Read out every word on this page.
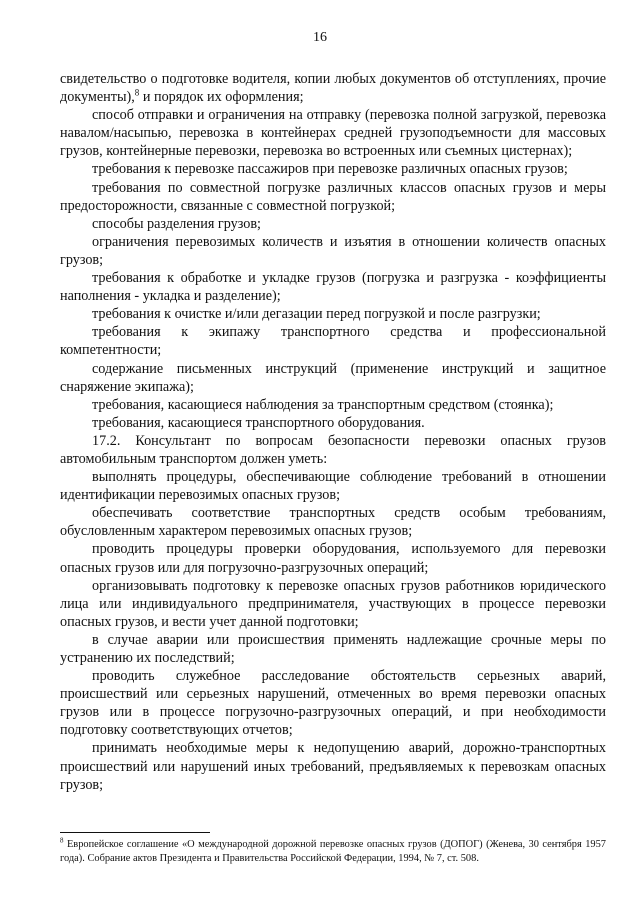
16

свидетельство о подготовке водителя, копии любых документов об отступлениях, прочие документы),$^8$ и порядок их оформления;

способ отправки и ограничения на отправку (перевозка полной загрузкой, перевозка навалом/насыпью, перевозка в контейнерах средней грузоподъемности для массовых грузов, контейнерные перевозки, перевозка во встроенных или съемных цистернах);

требования к перевозке пассажиров при перевозке различных опасных грузов;

требования по совместной погрузке различных классов опасных грузов и меры предосторожности, связанные с совместной погрузкой;

способы разделения грузов;

ограничения перевозимых количеств и изъятия в отношении количеств опасных грузов;

требования к обработке и укладке грузов (погрузка и разгрузка - коэффициенты наполнения - укладка и разделение);

требования к очистке и/или дегазации перед погрузкой и после разгрузки;

требования к экипажу транспортного средства и профессиональной компетентности;

содержание письменных инструкций (применение инструкций и защитное снаряжение экипажа);

требования, касающиеся наблюдения за транспортным средством (стоянка);

требования, касающиеся транспортного оборудования.

17.2. Консультант по вопросам безопасности перевозки опасных грузов автомобильным транспортом должен уметь:

выполнять процедуры, обеспечивающие соблюдение требований в отношении идентификации перевозимых опасных грузов;

обеспечивать соответствие транспортных средств особым требованиям, обусловленным характером перевозимых опасных грузов;

проводить процедуры проверки оборудования, используемого для перевозки опасных грузов или для погрузочно-разгрузочных операций;

организовывать подготовку к перевозке опасных грузов работников юридического лица или индивидуального предпринимателя, участвующих в процессе перевозки опасных грузов, и вести учет данной подготовки;

в случае аварии или происшествия применять надлежащие срочные меры по устранению их последствий;

проводить служебное расследование обстоятельств серьезных аварий, происшествий или серьезных нарушений, отмеченных во время перевозки опасных грузов или в процессе погрузочно-разгрузочных операций, и при необходимости подготовку соответствующих отчетов;

принимать необходимые меры к недопущению аварий, дорожно-транспортных происшествий или нарушений иных требований, предъявляемых к перевозкам опасных грузов;

$^8$ Европейское соглашение «О международной дорожной перевозке опасных грузов (ДОПОГ) (Женева, 30 сентября 1957 года). Собрание актов Президента и Правительства Российской Федерации, 1994, № 7, ст. 508.
